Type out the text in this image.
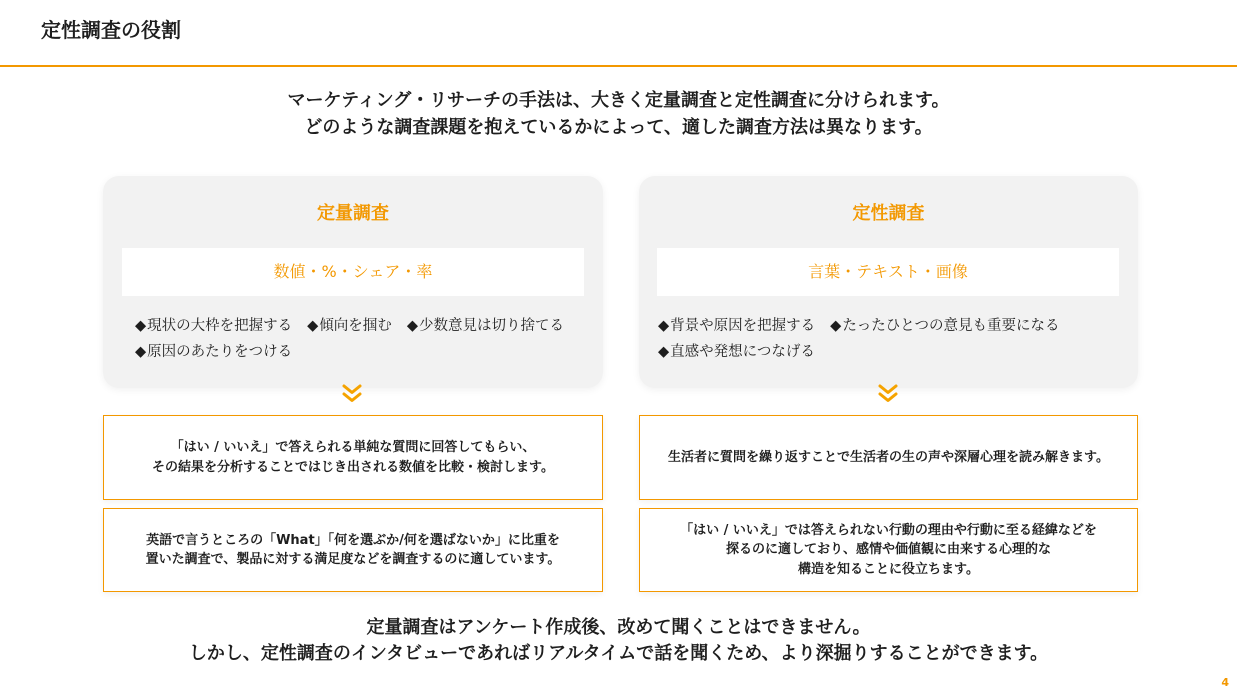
定性調査の役割
マーケティング・リサーチの手法は、大きく定量調査と定性調査に分けられます。
どのような調査課題を抱えているかによって、適した調査方法は異なります。
定量調査
数値・%・シェア・率
◆現状の大枠を把握する ◆傾向を掴む ◆少数意見は切り捨てる
◆原因のあたりをつける
定性調査
言葉・テキスト・画像
◆背景や原因を把握する ◆たったひとつの意見も重要になる
◆直感や発想につなげる
「はい / いいえ」で答えられる単純な質問に回答してもらい、
その結果を分析することではじき出される数値を比較・検討します。
英語で言うところの「What」「何を選ぶか/何を選ばないか」に比重を
置いた調査で、製品に対する満足度などを調査するのに適しています。
生活者に質問を繰り返すことで生活者の生の声や深層心理を読み解きます。
「はい / いいえ」では答えられない行動の理由や行動に至る経緯などを
探るのに適しており、感情や価値観に由来する心理的な
構造を知ることに役立ちます。
定量調査はアンケート作成後、改めて聞くことはできません。
しかし、定性調査のインタビューであればリアルタイムで話を聞くため、より深掘りすることができます。
4
